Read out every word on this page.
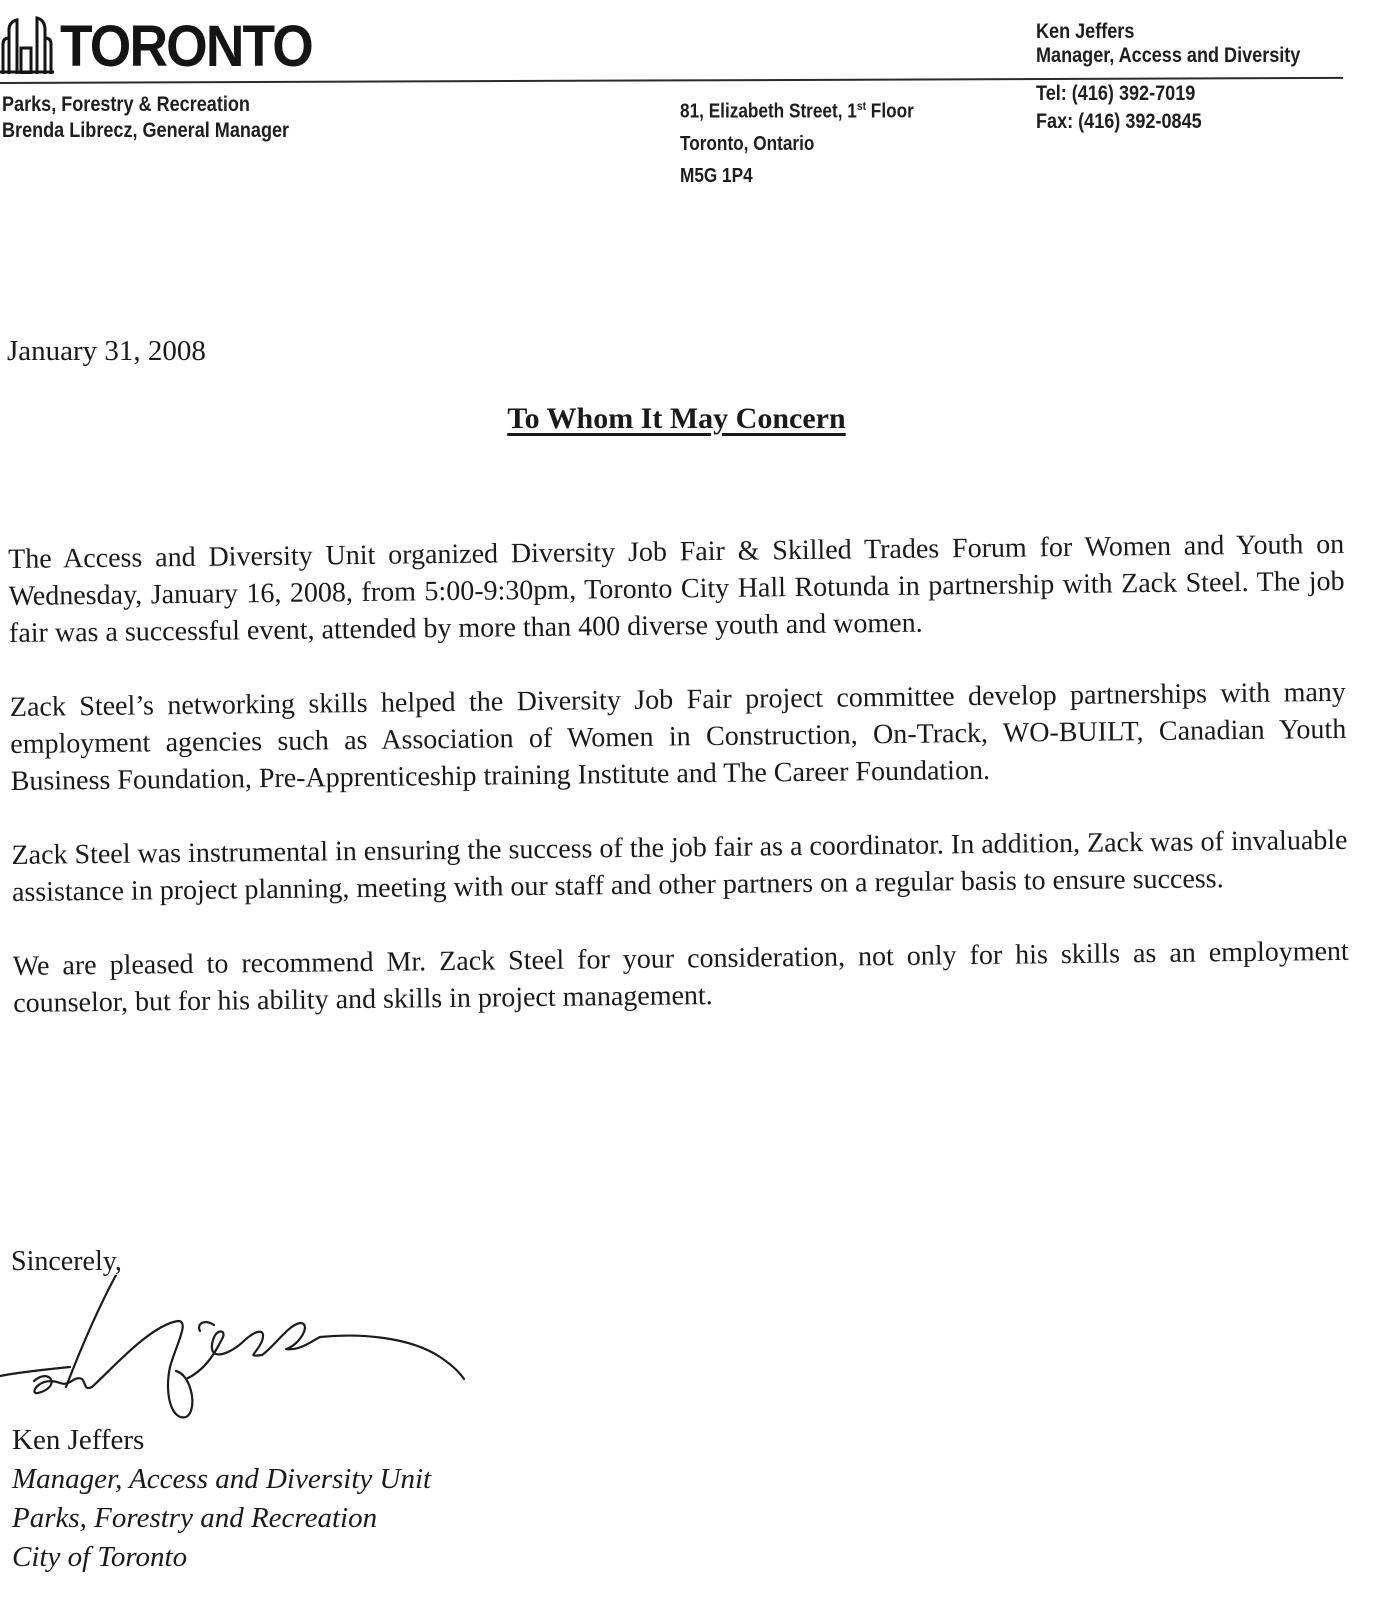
TORONTO
Parks, Forestry & Recreation
Brenda Librecz, General Manager
81, Elizabeth Street, 1st Floor
Toronto, Ontario
M5G 1P4
Ken Jeffers
Manager, Access and Diversity
Tel: (416) 392-7019
Fax: (416) 392-0845
January 31, 2008
To Whom It May Concern

The Access and Diversity Unit organized Diversity Job Fair & Skilled Trades Forum for Women and Youth on Wednesday, January 16, 2008, from 5:00-9:30pm, Toronto City Hall Rotunda in partnership with Zack Steel. The job fair was a successful event, attended by more than 400 diverse youth and women.

Zack Steel’s networking skills helped the Diversity Job Fair project committee develop partnerships with many employment agencies such as Association of Women in Construction, On-Track, WO-BUILT, Canadian Youth Business Foundation, Pre-Apprenticeship training Institute and The Career Foundation.

Zack Steel was instrumental in ensuring the success of the job fair as a coordinator. In addition, Zack was of invaluable assistance in project planning, meeting with our staff and other partners on a regular basis to ensure success.

We are pleased to recommend Mr. Zack Steel for your consideration, not only for his skills as an employment counselor, but for his ability and skills in project management.

Sincerely,
Ken Jeffers
Manager, Access and Diversity Unit
Parks, Forestry and Recreation
City of Toronto
